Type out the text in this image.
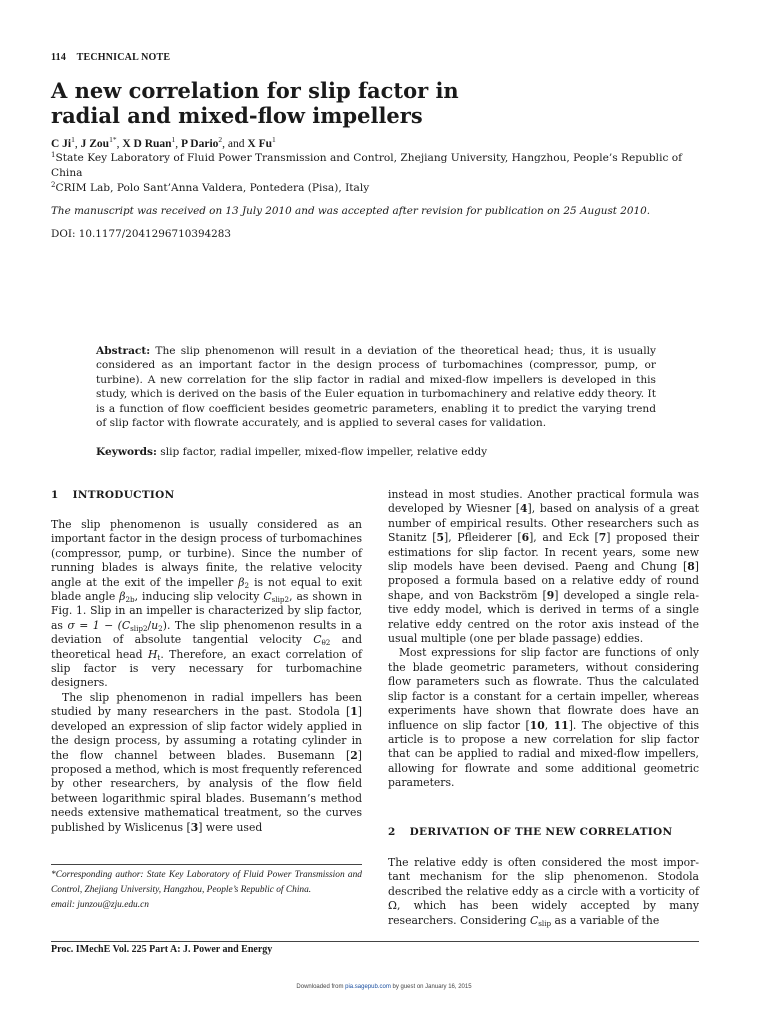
114 TECHNICAL NOTE
A new correlation for slip factor in
radial and mixed-flow impellers
C Ji$^1$, J Zou$^{1*}$, X D Ruan$^1$, P Dario$^2$, and X Fu$^1$
$^1$State Key Laboratory of Fluid Power Transmission and Control, Zhejiang University, Hangzhou, People’s Republic of China
$^2$CRIM Lab, Polo Sant’Anna Valdera, Pontedera (Pisa), Italy
The manuscript was received on 13 July 2010 and was accepted after revision for publication on 25 August 2010.
DOI: 10.1177/2041296710394283

Abstract: The slip phenomenon will result in a deviation of the theoretical head; thus, it is usually considered as an important factor in the design process of turbomachines (compressor, pump, or turbine). A new correlation for the slip factor in radial and mixed-flow impellers is developed in this study, which is derived on the basis of the Euler equation in turbomachinery and relative eddy theory. It is a function of flow coefficient besides geometric parameters, enabling it to predict the varying trend of slip factor with flowrate accurately, and is applied to several cases for validation.

Keywords: slip factor, radial impeller, mixed-flow impeller, relative eddy
1 INTRODUCTION

The slip phenomenon is usually considered as an important factor in the design process of turbomachines (compressor, pump, or turbine). Since the number of running blades is always finite, the relative velocity angle at the exit of the impeller $\beta_2$ is not equal to exit blade angle $\beta_{2b}$, inducing slip velocity $C_{slip2}$, as shown in Fig. 1. Slip in an impeller is characterized by slip factor, as $\sigma = 1 - (C_{slip2}/u_2)$. The slip phenomenon results in a deviation of absolute tangential velocity $C_{\theta 2}$ and theoretical head $H_t$. Therefore, an exact correlation of slip factor is very necessary for turbomachine designers.

The slip phenomenon in radial impellers has been studied by many researchers in the past. Stodola [1] developed an expression of slip factor widely applied in the design process, by assuming a rotating cylinder in the flow channel between blades. Busemann [2] proposed a method, which is most frequently referenced by other researchers, by analysis of the flow field between logarithmic spiral blades. Busemann’s method needs extensive mathematical treatment, so the curves published by Wislicenus [3] were used

instead in most studies. Another practical formula was developed by Wiesner [4], based on analysis of a great number of empirical results. Other researchers such as Stanitz [5], Pfleiderer [6], and Eck [7] proposed their estimations for slip factor. In recent years, some new slip models have been devised. Paeng and Chung [8] proposed a formula based on a relative eddy of round shape, and von Backström [9] developed a single relative eddy model, which is derived in terms of a single relative eddy centred on the rotor axis instead of the usual multiple (one per blade passage) eddies.

Most expressions for slip factor are functions of only the blade geometric parameters, without considering flow parameters such as flowrate. Thus the calculated slip factor is a constant for a certain impeller, whereas experiments have shown that flowrate does have an influence on slip factor [10, 11]. The objective of this article is to propose a new correlation for slip factor that can be applied to radial and mixed-flow impellers, allowing for flowrate and some additional geometric parameters.

2 DERIVATION OF THE NEW CORRELATION

The relative eddy is often considered the most important mechanism for the slip phenomenon. Stodola described the relative eddy as a circle with a vorticity of Ω, which has been widely accepted by many researchers. Considering $C_{slip}$ as a variable of the

*Corresponding author: State Key Laboratory of Fluid Power Transmission and Control, Zhejiang University, Hangzhou, People’s Republic of China.
email: junzou@zju.edu.cn
Proc. IMechE Vol. 225 Part A: J. Power and Energy
Downloaded from pia.sagepub.com by guest on January 16, 2015
